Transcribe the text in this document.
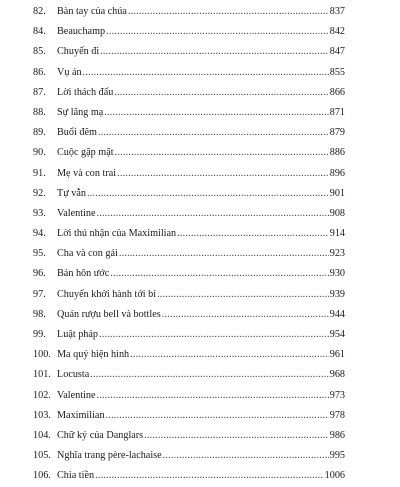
82.	Bàn tay của chúa .....	837
84.	Beauchamp .....	842
85.	Chuyến đi .....	847
86.	Vụ án .....	855
87.	Lời thách đấu .....	866
88.	Sự lăng mạ .....	871
89.	Buổi đêm .....	879
90.	Cuộc gặp mặt .....	886
91.	Mẹ và con trai .....	896
92.	Tự vẫn .....	901
93.	Valentine .....	908
94.	Lời thú nhận của Maximilian .....	914
95.	Cha và con gái .....	923
96.	Bản hôn ước .....	930
97.	Chuyến khởi hành tới bỉ .....	939
98.	Quán rượu bell và bottles .....	944
99.	Luật pháp .....	954
100. Ma quỷ hiện hình .....	961
101. Locusta .....	968
102. Valentine .....	973
103. Maximilian .....	978
104. Chữ ký của Danglars .....	986
105. Nghĩa trang père-lachaise .....	995
106. Chia tiền .....	1006
